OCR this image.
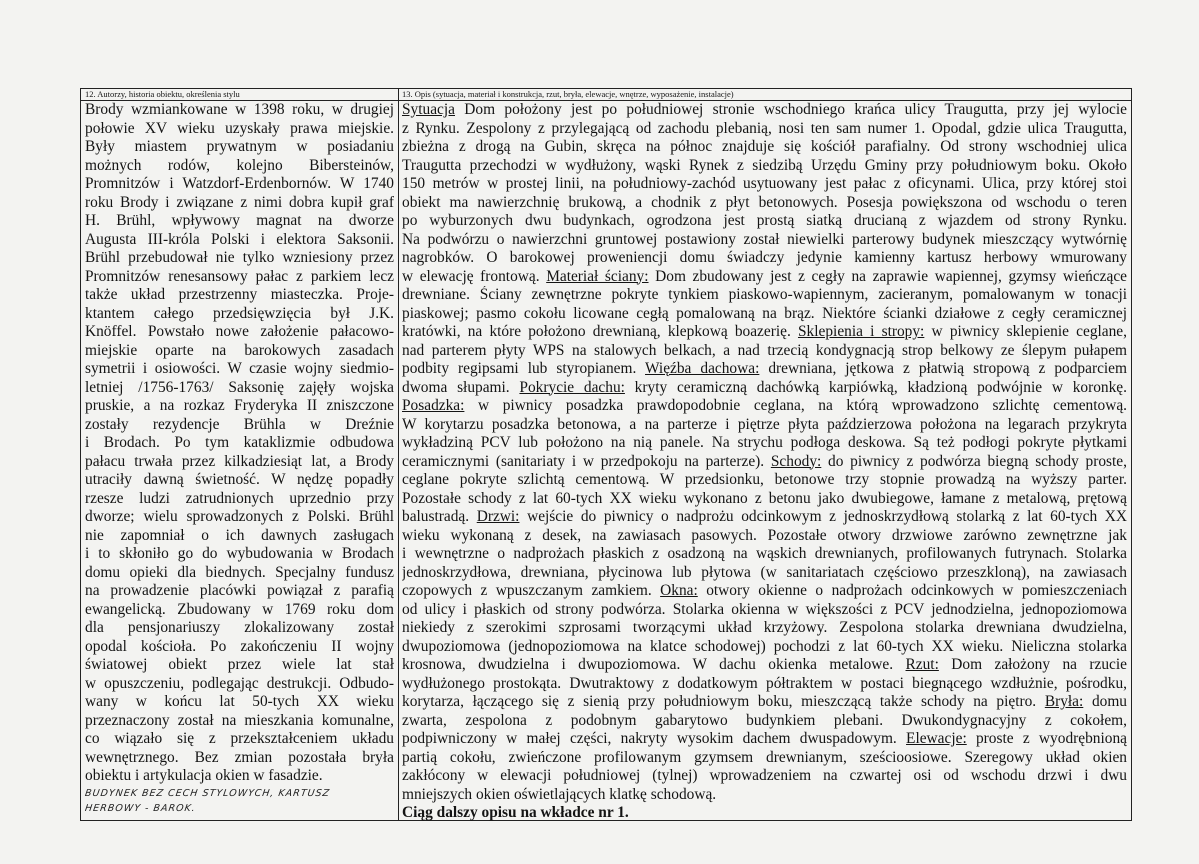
12. Autorzy, historia obiektu, określenia stylu
Brody wzmiankowane w 1398 roku, w drugiej
połowie XV wieku uzyskały prawa miejskie.
Były miastem prywatnym w posiadaniu
możnych rodów, kolejno Bibersteinów,
Promnitzów i Watzdorf-Erdenbornów. W 1740
roku Brody i związane z nimi dobra kupił graf
H. Brühl, wpływowy magnat na dworze
Augusta III-króla Polski i elektora Saksonii.
Brühl przebudował nie tylko wzniesiony przez
Promnitzów renesansowy pałac z parkiem lecz
także układ przestrzenny miasteczka. Proje-
ktantem całego przedsięwzięcia był J.K.
Knöffel. Powstało nowe założenie pałacowo-
miejskie oparte na barokowych zasadach
symetrii i osiowości. W czasie wojny siedmio-
letniej /1756-1763/ Saksonię zajęły wojska
pruskie, a na rozkaz Fryderyka II zniszczone
zostały rezydencje Brühla w Dreźnie
i Brodach. Po tym kataklizmie odbudowa
pałacu trwała przez kilkadziesiąt lat, a Brody
utraciły dawną świetność. W nędzę popadły
rzesze ludzi zatrudnionych uprzednio przy
dworze; wielu sprowadzonych z Polski. Brühl
nie zapomniał o ich dawnych zasługach
i to skłoniło go do wybudowania w Brodach
domu opieki dla biednych. Specjalny fundusz
na prowadzenie placówki powiązał z parafią
ewangelicką. Zbudowany w 1769 roku dom
dla pensjonariuszy zlokalizowany został
opodal kościoła. Po zakończeniu II wojny
światowej obiekt przez wiele lat stał
w opuszczeniu, podlegając destrukcji. Odbudo-
wany w końcu lat 50-tych XX wieku
przeznaczony został na mieszkania komunalne,
co wiązało się z przekształceniem układu
wewnętrznego. Bez zmian pozostała bryła
obiektu i artykulacja okien w fasadzie.
BUDYNEK BEZ CECH STYLOWYCH, KARTUSZ
HERBOWY - BAROK.
13. Opis (sytuacja, materiał i konstrukcja, rzut, bryła, elewacje, wnętrze, wyposażenie, instalacje)
Sytuacja Dom położony jest po południowej stronie wschodniego krańca ulicy Traugutta, przy jej wylocie
z Rynku. Zespolony z przylegającą od zachodu plebanią, nosi ten sam numer 1. Opodal, gdzie ulica Traugutta,
zbieżna z drogą na Gubin, skręca na północ znajduje się kościół parafialny. Od strony wschodniej ulica
Traugutta przechodzi w wydłużony, wąski Rynek z siedzibą Urzędu Gminy przy południowym boku. Około
150 metrów w prostej linii, na południowy-zachód usytuowany jest pałac z oficynami. Ulica, przy której stoi
obiekt ma nawierzchnię brukową, a chodnik z płyt betonowych. Posesja powiększona od wschodu o teren
po wyburzonych dwu budynkach, ogrodzona jest prostą siatką drucianą z wjazdem od strony Rynku.
Na podwórzu o nawierzchni gruntowej postawiony został niewielki parterowy budynek mieszczący wytwórnię
nagrobków. O barokowej proweniencji domu świadczy jedynie kamienny kartusz herbowy wmurowany
w elewację frontową. Materiał ściany: Dom zbudowany jest z cegły na zaprawie wapiennej, gzymsy wieńczące
drewniane. Ściany zewnętrzne pokryte tynkiem piaskowo-wapiennym, zacieranym, pomalowanym w tonacji
piaskowej; pasmo cokołu licowane cegłą pomalowaną na brąz. Niektóre ścianki działowe z cegły ceramicznej
kratówki, na które położono drewnianą, klepkową boazerię. Sklepienia i stropy: w piwnicy sklepienie ceglane,
nad parterem płyty WPS na stalowych belkach, a nad trzecią kondygnacją strop belkowy ze ślepym pułapem
podbity regipsami lub styropianem. Więźba dachowa: drewniana, jętkowa z płatwią stropową z podparciem
dwoma słupami. Pokrycie dachu: kryty ceramiczną dachówką karpiówką, kładzioną podwójnie w koronkę.
Posadzka: w piwnicy posadzka prawdopodobnie ceglana, na którą wprowadzono szlichtę cementową.
W korytarzu posadzka betonowa, a na parterze i piętrze płyta paździerzowa położona na legarach przykryta
wykładziną PCV lub położono na nią panele. Na strychu podłoga deskowa. Są też podłogi pokryte płytkami
ceramicznymi (sanitariaty i w przedpokoju na parterze). Schody: do piwnicy z podwórza biegną schody proste,
ceglane pokryte szlichtą cementową. W przedsionku, betonowe trzy stopnie prowadzą na wyższy parter.
Pozostałe schody z lat 60-tych XX wieku wykonano z betonu jako dwubiegowe, łamane z metalową, prętową
balustradą. Drzwi: wejście do piwnicy o nadprożu odcinkowym z jednoskrzydłową stolarką z lat 60-tych XX
wieku wykonaną z desek, na zawiasach pasowych. Pozostałe otwory drzwiowe zarówno zewnętrzne jak
i wewnętrzne o nadprożach płaskich z osadzoną na wąskich drewnianych, profilowanych futrynach. Stolarka
jednoskrzydłowa, drewniana, płycinowa lub płytowa (w sanitariatach częściowo przeszkloną), na zawiasach
czopowych z wpuszczanym zamkiem. Okna: otwory okienne o nadprożach odcinkowych w pomieszczeniach
od ulicy i płaskich od strony podwórza. Stolarka okienna w większości z PCV jednodzielna, jednopoziomowa
niekiedy z szerokimi szprosami tworzącymi układ krzyżowy. Zespolona stolarka drewniana dwudzielna,
dwupoziomowa (jednopoziomowa na klatce schodowej) pochodzi z lat 60-tych XX wieku. Nieliczna stolarka
krosnowa, dwudzielna i dwupoziomowa. W dachu okienka metalowe. Rzut: Dom założony na rzucie
wydłużonego prostokąta. Dwutraktowy z dodatkowym półtraktem w postaci biegnącego wzdłużnie, pośrodku,
korytarza, łączącego się z sienią przy południowym boku, mieszczącą także schody na piętro. Bryła: domu
zwarta, zespolona z podobnym gabarytowo budynkiem plebani. Dwukondygnacyjny z cokołem,
podpiwniczony w małej części, nakryty wysokim dachem dwuspadowym. Elewacje: proste z wyodrębnioną
partią cokołu, zwieńczone profilowanym gzymsem drewnianym, sześcioosiowe. Szeregowy układ okien
zakłócony w elewacji południowej (tylnej) wprowadzeniem na czwartej osi od wschodu drzwi i dwu
mniejszych okien oświetlających klatkę schodową.
Ciąg dalszy opisu na wkładce nr 1.
